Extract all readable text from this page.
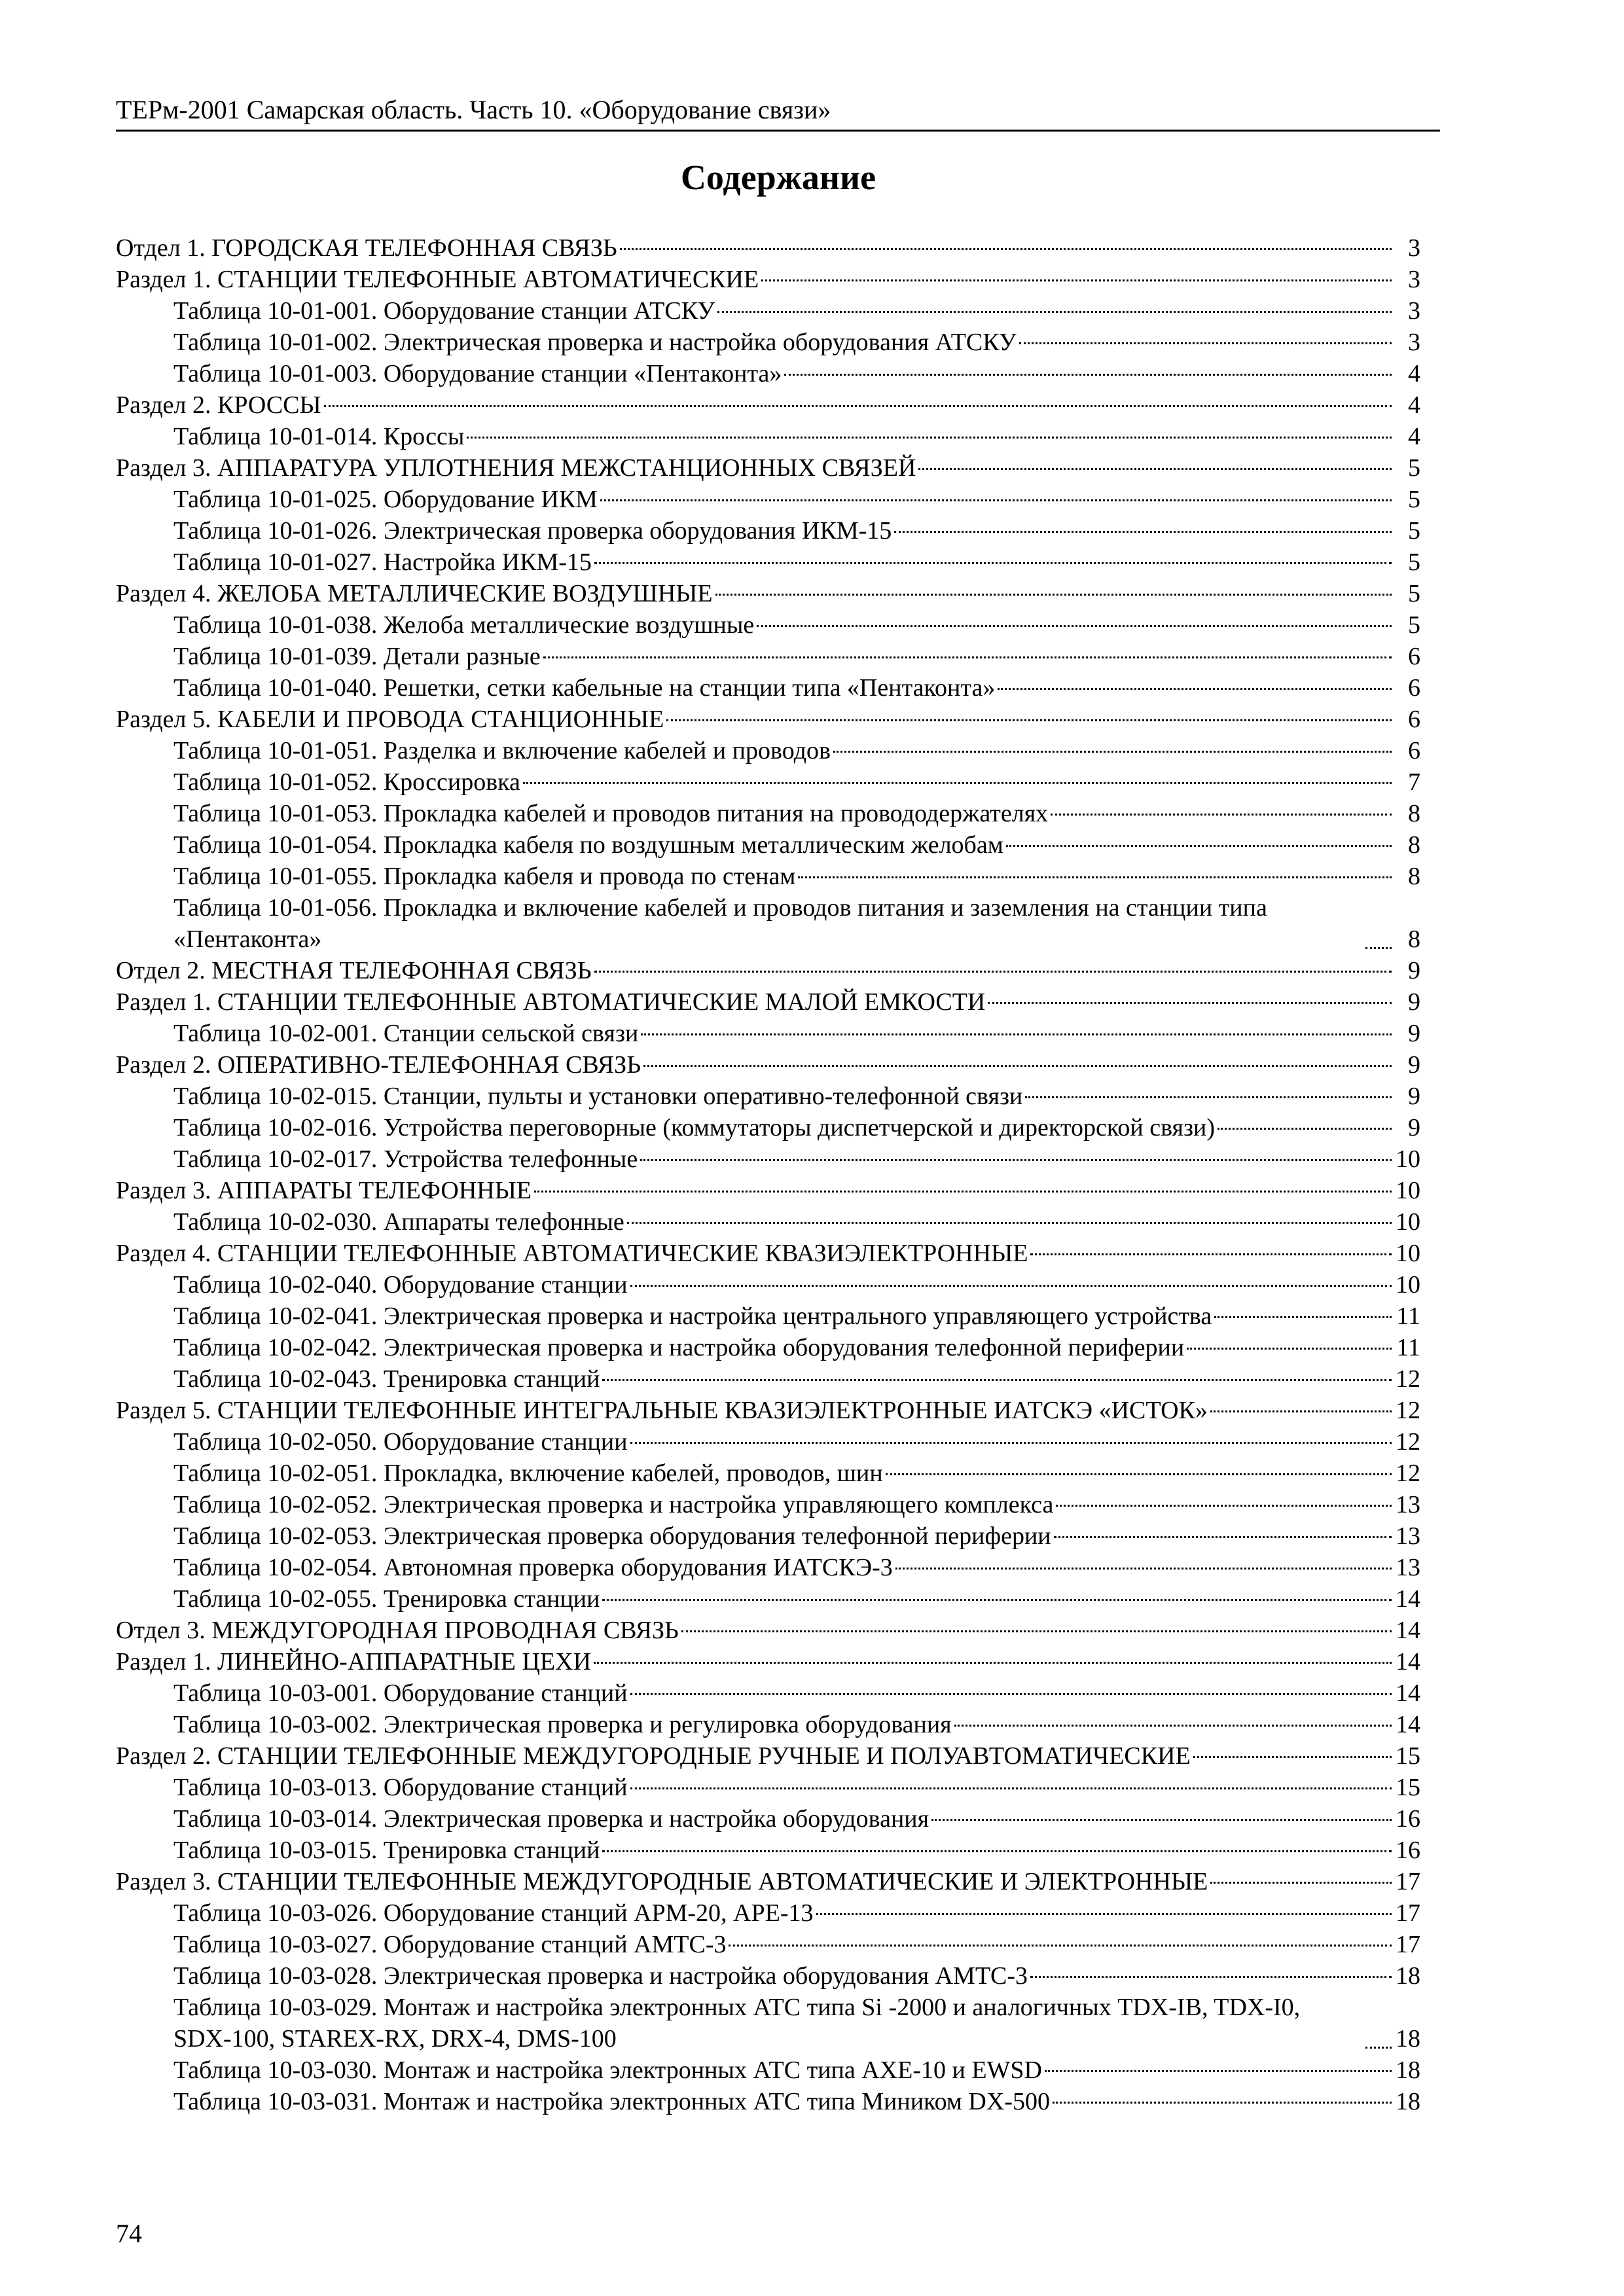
ТЕРм-2001 Самарская область. Часть 10. «Оборудование связи»
Содержание
Отдел 1. ГОРОДСКАЯ ТЕЛЕФОННАЯ СВЯЗЬ	3
Раздел 1. СТАНЦИИ ТЕЛЕФОННЫЕ АВТОМАТИЧЕСКИЕ	3
Таблица 10-01-001. Оборудование станции АТСКУ	3
Таблица 10-01-002. Электрическая проверка и настройка оборудования АТСКУ	3
Таблица 10-01-003. Оборудование станции «Пентаконта»	4
Раздел 2. КРОССЫ	4
Таблица 10-01-014. Кроссы	4
Раздел 3. АППАРАТУРА УПЛОТНЕНИЯ МЕЖСТАНЦИОННЫХ СВЯЗЕЙ	5
Таблица 10-01-025. Оборудование ИКМ	5
Таблица 10-01-026. Электрическая проверка оборудования ИКМ-15	5
Таблица 10-01-027. Настройка ИКМ-15	5
Раздел 4. ЖЕЛОБА МЕТАЛЛИЧЕСКИЕ ВОЗДУШНЫЕ	5
Таблица 10-01-038. Желоба металлические воздушные	5
Таблица 10-01-039. Детали разные	6
Таблица 10-01-040. Решетки, сетки кабельные на станции типа «Пентаконта»	6
Раздел 5. КАБЕЛИ И ПРОВОДА СТАНЦИОННЫЕ	6
Таблица 10-01-051. Разделка и включение кабелей и проводов	6
Таблица 10-01-052. Кроссировка	7
Таблица 10-01-053. Прокладка кабелей и проводов питания на провододержателях	8
Таблица 10-01-054. Прокладка кабеля по воздушным металлическим желобам	8
Таблица 10-01-055. Прокладка кабеля и провода по стенам	8
Таблица 10-01-056. Прокладка и включение кабелей и проводов питания и заземления на станции типа «Пентаконта»	8
Отдел 2. МЕСТНАЯ ТЕЛЕФОННАЯ СВЯЗЬ	9
Раздел 1. СТАНЦИИ ТЕЛЕФОННЫЕ АВТОМАТИЧЕСКИЕ МАЛОЙ ЕМКОСТИ	9
Таблица 10-02-001. Станции сельской связи	9
Раздел 2. ОПЕРАТИВНО-ТЕЛЕФОННАЯ СВЯЗЬ	9
Таблица 10-02-015. Станции, пульты и установки оперативно-телефонной связи	9
Таблица 10-02-016. Устройства переговорные (коммутаторы диспетчерской и директорской связи)	9
Таблица 10-02-017. Устройства телефонные	10
Раздел 3. АППАРАТЫ ТЕЛЕФОННЫЕ	10
Таблица 10-02-030. Аппараты телефонные	10
Раздел 4. СТАНЦИИ ТЕЛЕФОННЫЕ АВТОМАТИЧЕСКИЕ КВАЗИЭЛЕКТРОННЫЕ	10
Таблица 10-02-040. Оборудование станции	10
Таблица 10-02-041. Электрическая проверка и настройка центрального управляющего устройства	11
Таблица 10-02-042. Электрическая проверка и настройка оборудования телефонной периферии	11
Таблица 10-02-043. Тренировка станций	12
Раздел 5. СТАНЦИИ ТЕЛЕФОННЫЕ ИНТЕГРАЛЬНЫЕ КВАЗИЭЛЕКТРОННЫЕ ИАТСКЭ «ИСТОК»	12
Таблица 10-02-050. Оборудование станции	12
Таблица 10-02-051. Прокладка, включение кабелей, проводов, шин	12
Таблица 10-02-052. Электрическая проверка и настройка управляющего комплекса	13
Таблица 10-02-053. Электрическая проверка оборудования телефонной периферии	13
Таблица 10-02-054. Автономная проверка оборудования ИАТСКЭ-3	13
Таблица 10-02-055. Тренировка станции	14
Отдел 3. МЕЖДУГОРОДНАЯ ПРОВОДНАЯ СВЯЗЬ	14
Раздел 1. ЛИНЕЙНО-АППАРАТНЫЕ ЦЕХИ	14
Таблица 10-03-001. Оборудование станций	14
Таблица 10-03-002. Электрическая проверка и регулировка оборудования	14
Раздел 2. СТАНЦИИ ТЕЛЕФОННЫЕ МЕЖДУГОРОДНЫЕ РУЧНЫЕ И ПОЛУАВТОМАТИЧЕСКИЕ	15
Таблица 10-03-013. Оборудование станций	15
Таблица 10-03-014. Электрическая проверка и настройка оборудования	16
Таблица 10-03-015. Тренировка станций	16
Раздел 3. СТАНЦИИ ТЕЛЕФОННЫЕ МЕЖДУГОРОДНЫЕ АВТОМАТИЧЕСКИЕ И ЭЛЕКТРОННЫЕ	17
Таблица 10-03-026. Оборудование станций АРМ-20, АРЕ-13	17
Таблица 10-03-027. Оборудование станций АМТС-3	17
Таблица 10-03-028. Электрическая проверка и настройка оборудования АМТС-3	18
Таблица 10-03-029. Монтаж и настройка электронных АТС типа Si -2000 и аналогичных TDX-IB, TDX-I0, SDX-100, STAREX-RX, DRX-4, DMS-100	18
Таблица 10-03-030. Монтаж и настройка электронных АТС типа АХЕ-10 и EWSD	18
Таблица 10-03-031. Монтаж и настройка электронных АТС типа Миником DX-500	18
74
